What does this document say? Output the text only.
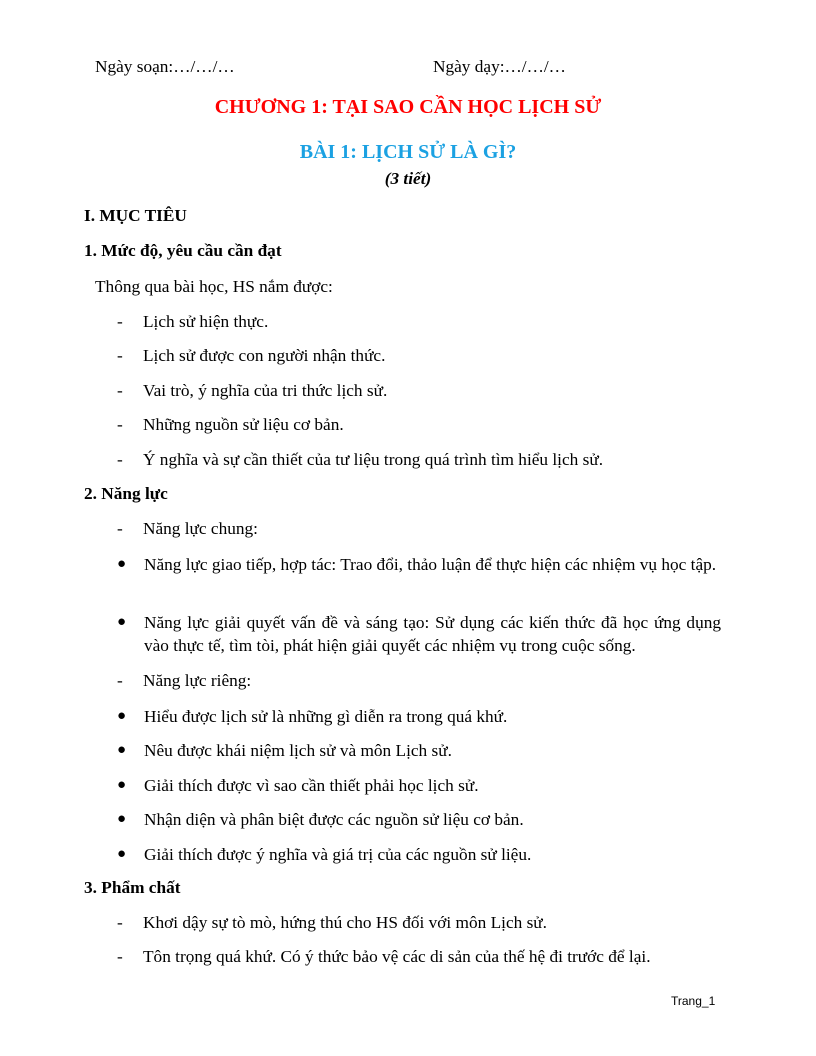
Ngày soạn:…/…/…	Ngày dạy:…/…/…
CHƯƠNG 1: TẠI SAO CẦN HỌC LỊCH SỬ
BÀI 1: LỊCH SỬ LÀ GÌ?
(3 tiết)
I. MỤC TIÊU
1. Mức độ, yêu cầu cần đạt
Thông qua bài học, HS nắm được:
- Lịch sử hiện thực.
- Lịch sử được con người nhận thức.
- Vai trò, ý nghĩa của tri thức lịch sử.
- Những nguồn sử liệu cơ bản.
- Ý nghĩa và sự cần thiết của tư liệu trong quá trình tìm hiểu lịch sử.
2. Năng lực
- Năng lực chung:
● Năng lực giao tiếp, hợp tác: Trao đổi, thảo luận để thực hiện các nhiệm vụ học tập.
● Năng lực giải quyết vấn đề và sáng tạo: Sử dụng các kiến thức đã học ứng dụng vào thực tế, tìm tòi, phát hiện giải quyết các nhiệm vụ trong cuộc sống.
- Năng lực riêng:
● Hiểu được lịch sử là những gì diễn ra trong quá khứ.
● Nêu được khái niệm lịch sử và môn Lịch sử.
● Giải thích được vì sao cần thiết phải học lịch sử.
● Nhận diện và phân biệt được các nguồn sử liệu cơ bản.
● Giải thích được ý nghĩa và giá trị của các nguồn sử liệu.
3. Phẩm chất
- Khơi dậy sự tò mò, hứng thú cho HS đối với môn Lịch sử.
- Tôn trọng quá khứ. Có ý thức bảo vệ các di sản của thế hệ đi trước để lại.
Trang_1
